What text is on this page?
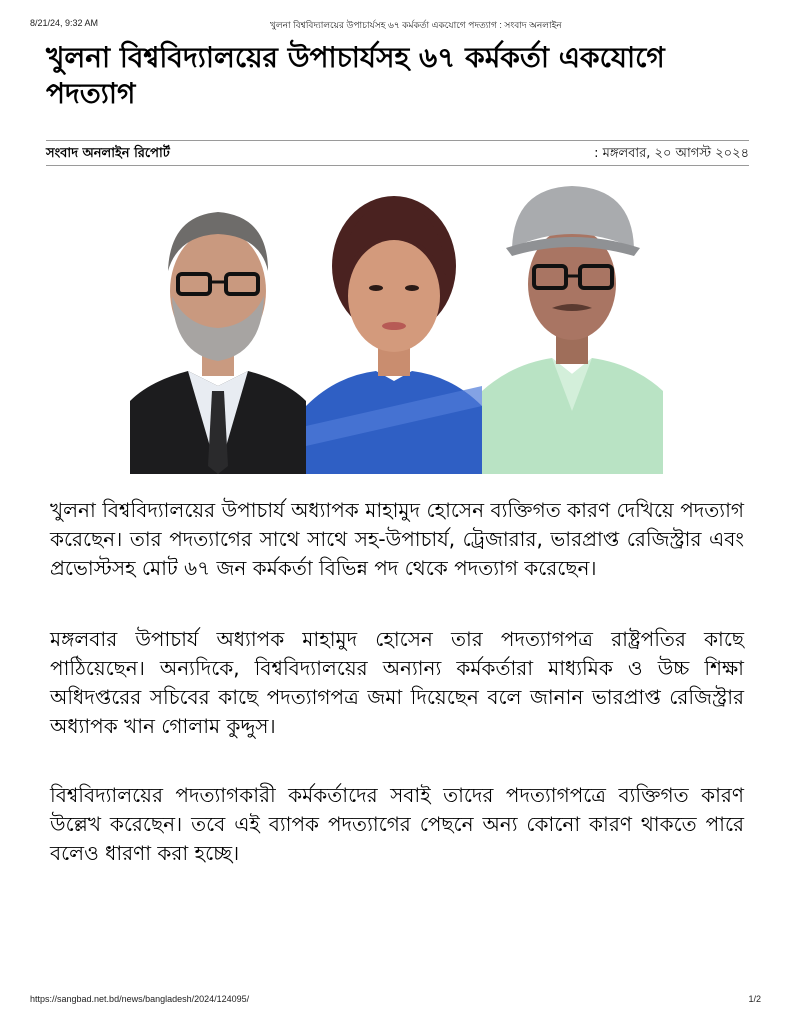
8/21/24, 9:32 AM	খুলনা বিশ্ববিদ্যালয়ের উপাচার্যসহ ৬৭ কর্মকর্তা একযোগে পদত্যাগ : সংবাদ অনলাইন
খুলনা বিশ্ববিদ্যালয়ের উপাচার্যসহ ৬৭ কর্মকর্তা একযোগে পদত্যাগ
সংবাদ অনলাইন রিপোর্ট	: মঙ্গলবার, ২০ আগস্ট ২০২৪

খুলনা বিশ্ববিদ্যালয়ের উপাচার্য অধ্যাপক মাহামুদ হোসেন ব্যক্তিগত কারণ দেখিয়ে পদত্যাগ করেছেন। তার পদত্যাগের সাথে সাথে সহ-উপাচার্য, ট্রেজারার, ভারপ্রাপ্ত রেজিস্ট্রার এবং প্রভোস্টসহ মোট ৬৭ জন কর্মকর্তা বিভিন্ন পদ থেকে পদত্যাগ করেছেন।

মঙ্গলবার উপাচার্য অধ্যাপক মাহামুদ হোসেন তার পদত্যাগপত্র রাষ্ট্রপতির কাছে পাঠিয়েছেন। অন্যদিকে, বিশ্ববিদ্যালয়ের অন্যান্য কর্মকর্তারা মাধ্যমিক ও উচ্চ শিক্ষা অধিদপ্তরের সচিবের কাছে পদত্যাগপত্র জমা দিয়েছেন বলে জানান ভারপ্রাপ্ত রেজিস্ট্রার অধ্যাপক খান গোলাম কুদ্দুস।

বিশ্ববিদ্যালয়ের পদত্যাগকারী কর্মকর্তাদের সবাই তাদের পদত্যাগপত্রে ব্যক্তিগত কারণ উল্লেখ করেছেন। তবে এই ব্যাপক পদত্যাগের পেছনে অন্য কোনো কারণ থাকতে পারে বলেও ধারণা করা হচ্ছে।

https://sangbad.net.bd/news/bangladesh/2024/124095/	1/2
